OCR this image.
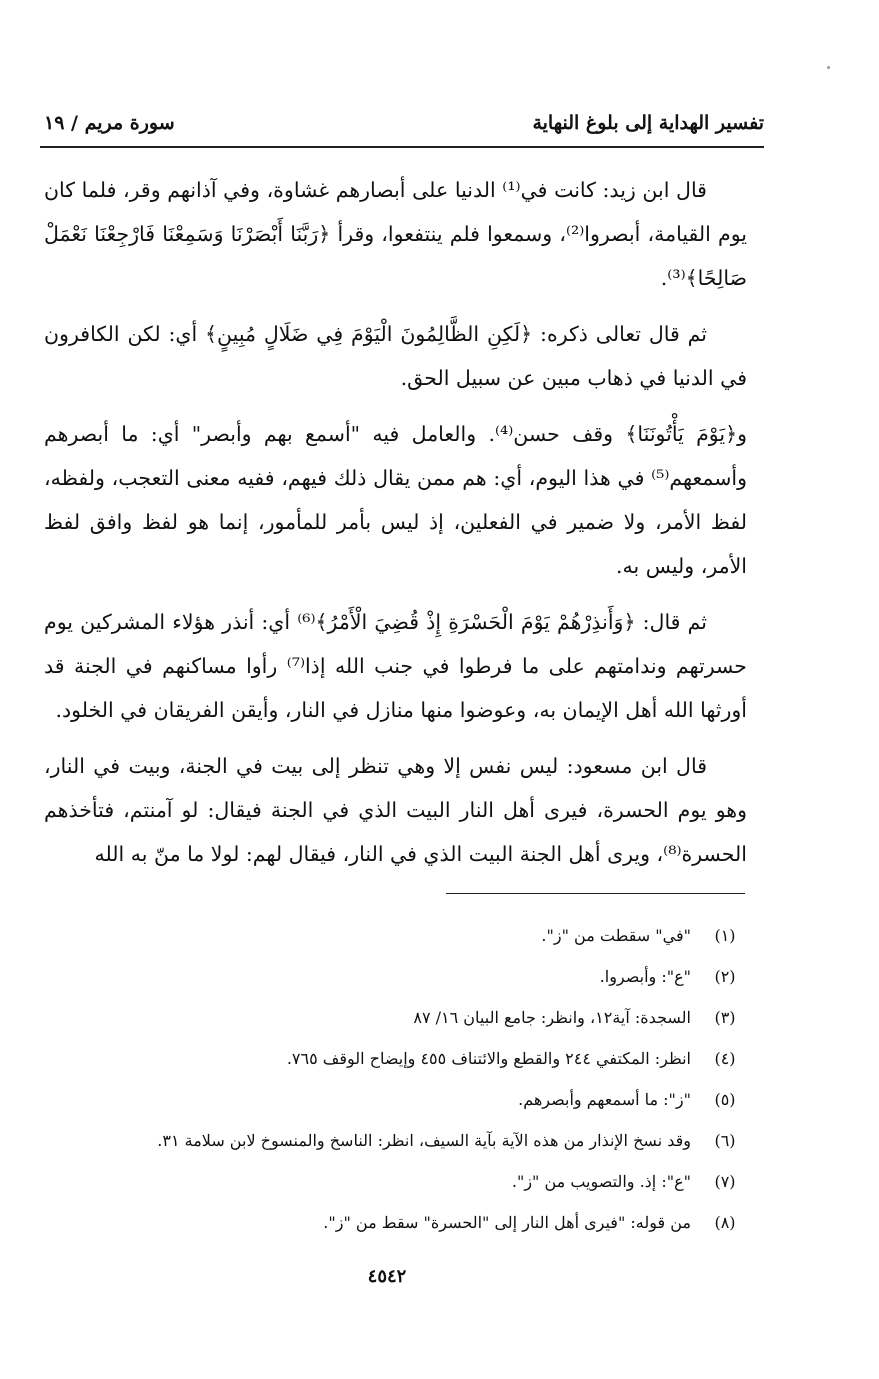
تفسير الهداية إلى بلوغ النهاية
سورة مريم / ١٩

قال ابن زيد: كانت في⁽¹⁾ الدنيا على أبصارهم غشاوة، وفي آذانهم وقر، فلما كان يوم القيامة، أبصروا⁽²⁾، وسمعوا فلم ينتفعوا، وقرأ ﴿رَبَّنَا أَبْصَرْنَا وَسَمِعْنَا فَارْجِعْنَا نَعْمَلْ صَالِحًا﴾⁽³⁾.

ثم قال تعالى ذكره: ﴿لَكِنِ الظَّالِمُونَ الْيَوْمَ فِي ضَلَالٍ مُبِينٍ﴾ أي: لكن الكافرون في الدنيا في ذهاب مبين عن سبيل الحق.

و﴿يَوْمَ يَأْتُونَنَا﴾ وقف حسن⁽⁴⁾. والعامل فيه "أسمع بهم وأبصر" أي: ما أبصرهم وأسمعهم⁽⁵⁾ في هذا اليوم، أي: هم ممن يقال ذلك فيهم، ففيه معنى التعجب، ولفظه، لفظ الأمر، ولا ضمير في الفعلين، إذ ليس بأمر للمأمور، إنما هو لفظ وافق لفظ الأمر، وليس به.

ثم قال: ﴿وَأَنذِرْهُمْ يَوْمَ الْحَسْرَةِ إِذْ قُضِيَ الْأَمْرُ﴾⁽⁶⁾ أي: أنذر هؤلاء المشركين يوم حسرتهم وندامتهم على ما فرطوا في جنب الله إذا⁽⁷⁾ رأوا مساكنهم في الجنة قد أورثها الله أهل الإيمان به، وعوضوا منها منازل في النار، وأيقن الفريقان في الخلود.

قال ابن مسعود: ليس نفس إلا وهي تنظر إلى بيت في الجنة، وبيت في النار، وهو يوم الحسرة، فيرى أهل النار البيت الذي في الجنة فيقال: لو آمنتم، فتأخذهم الحسرة⁽⁸⁾، ويرى أهل الجنة البيت الذي في النار، فيقال لهم: لولا ما منّ به الله

(١)"في" سقطت من "ز".
(٢)"ع": وأبصروا.
(٣)السجدة: آية١٢، وانظر: جامع البيان ١٦/ ٨٧
(٤)انظر: المكتفي ٢٤٤ والقطع والائتناف ٤٥٥ وإيضاح الوقف ٧٦٥.
(٥)"ز": ما أسمعهم وأبصرهم.
(٦)وقد نسخ الإنذار من هذه الآية بآية السيف، انظر: الناسخ والمنسوخ لابن سلامة ٣١.
(٧)"ع": إذ. والتصويب من "ز".
(٨)من قوله: "فيرى أهل النار إلى "الحسرة" سقط من "ز".
٤٥٤٢
